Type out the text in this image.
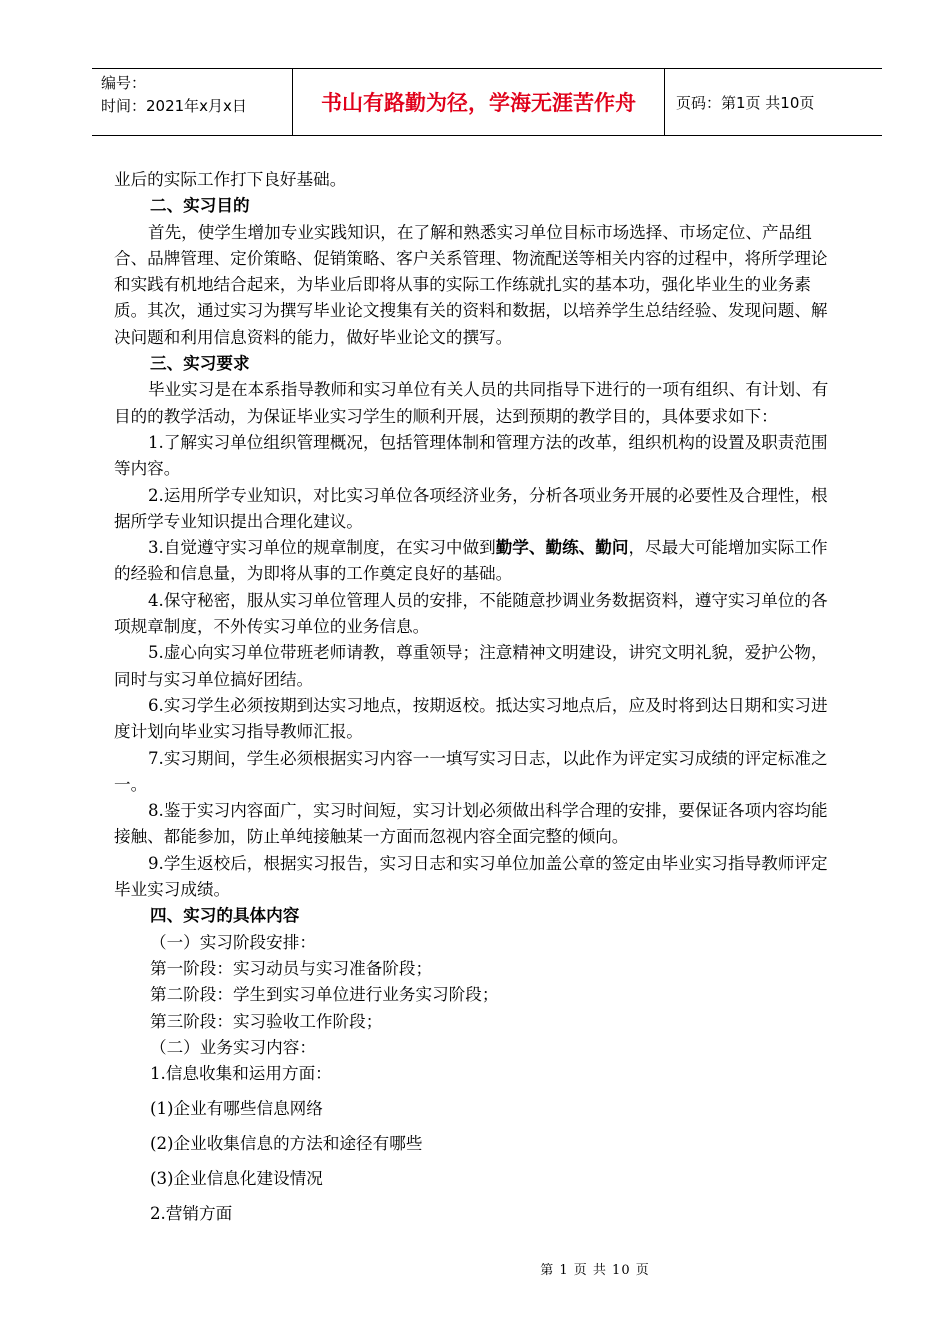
编号：
时间：2021年x月x日	书山有路勤为径，学海无涯苦作舟	页码：第1页 共10页

业后的实际工作打下良好基础。

二、实习目的

首先，使学生增加专业实践知识，在了解和熟悉实习单位目标市场选择、市场定位、产品组合、品牌管理、定价策略、促销策略、客户关系管理、物流配送等相关内容的过程中，将所学理论和实践有机地结合起来，为毕业后即将从事的实际工作练就扎实的基本功，强化毕业生的业务素质。其次，通过实习为撰写毕业论文搜集有关的资料和数据，以培养学生总结经验、发现问题、解决问题和利用信息资料的能力，做好毕业论文的撰写。

三、实习要求

毕业实习是在本系指导教师和实习单位有关人员的共同指导下进行的一项有组织、有计划、有目的的教学活动，为保证毕业实习学生的顺利开展，达到预期的教学目的，具体要求如下：

1.了解实习单位组织管理概况，包括管理体制和管理方法的改革，组织机构的设置及职责范围等内容。

2.运用所学专业知识，对比实习单位各项经济业务，分析各项业务开展的必要性及合理性，根据所学专业知识提出合理化建议。

3.自觉遵守实习单位的规章制度，在实习中做到勤学、勤练、勤问，尽最大可能增加实际工作的经验和信息量，为即将从事的工作奠定良好的基础。

4.保守秘密，服从实习单位管理人员的安排，不能随意抄调业务数据资料，遵守实习单位的各项规章制度，不外传实习单位的业务信息。

5.虚心向实习单位带班老师请教，尊重领导；注意精神文明建设，讲究文明礼貌，爱护公物，同时与实习单位搞好团结。

6.实习学生必须按期到达实习地点，按期返校。抵达实习地点后，应及时将到达日期和实习进度计划向毕业实习指导教师汇报。

7.实习期间，学生必须根据实习内容一一填写实习日志，以此作为评定实习成绩的评定标准之一。

8.鉴于实习内容面广，实习时间短，实习计划必须做出科学合理的安排，要保证各项内容均能接触、都能参加，防止单纯接触某一方面而忽视内容全面完整的倾向。

9.学生返校后，根据实习报告，实习日志和实习单位加盖公章的签定由毕业实习指导教师评定毕业实习成绩。

四、实习的具体内容

（一）实习阶段安排：

第一阶段：实习动员与实习准备阶段；

第二阶段：学生到实习单位进行业务实习阶段；

第三阶段：实习验收工作阶段；

（二）业务实习内容：

1.信息收集和运用方面：

(1)企业有哪些信息网络

(2)企业收集信息的方法和途径有哪些

(3)企业信息化建设情况

2.营销方面

第 1 页 共 10 页
